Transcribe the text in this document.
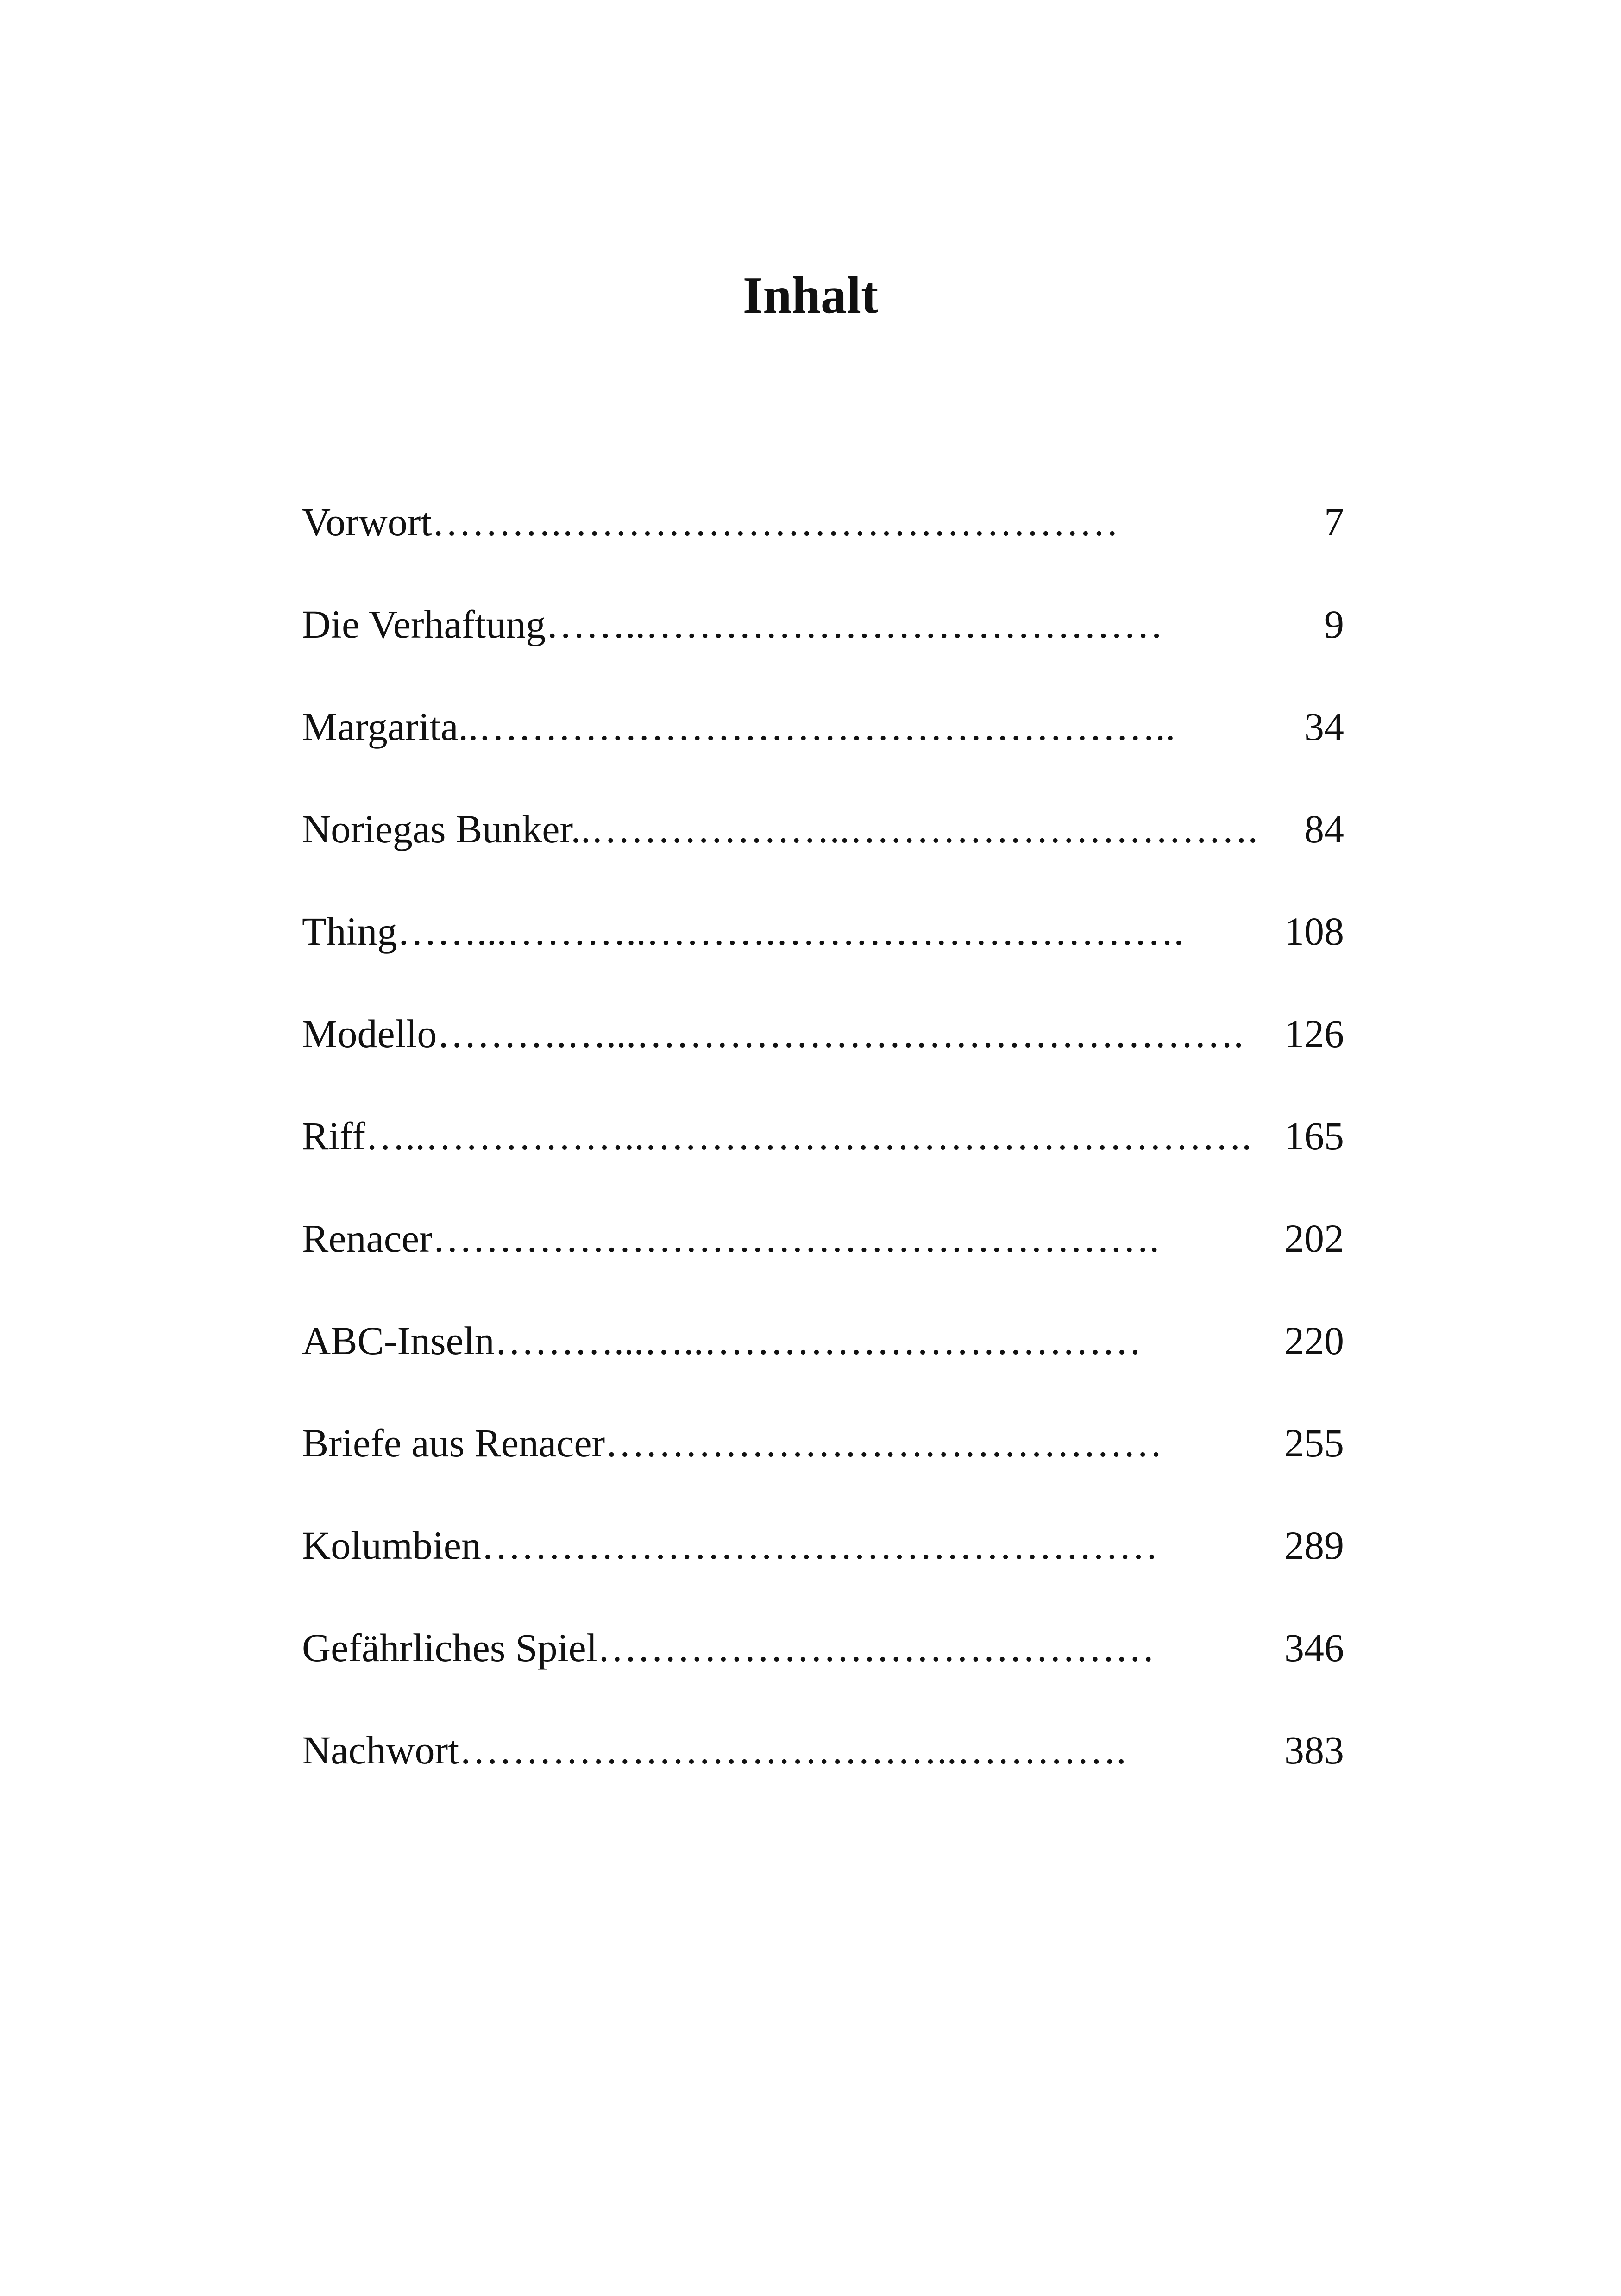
Inhalt
Vorwort……….……………………………………	7
Die Verhaftung……..…………………………………	9
Margarita..……………………………………………..	34
Noriegas Bunker..………………..………………………….	84
Thing……...………..……….………………………….	108
Modello……….…...……………………………………….	126
Riff…..……………..………………………………………. 165
Renacer……………………………………………….	202
ABC-Inseln………...…..……………………………	220
Briefe aus Renacer……………………………………	255
Kolumbien……………………………………………	289
Gefährliches Spiel……………………………………	346
Nachwort………………………………..………….	383
